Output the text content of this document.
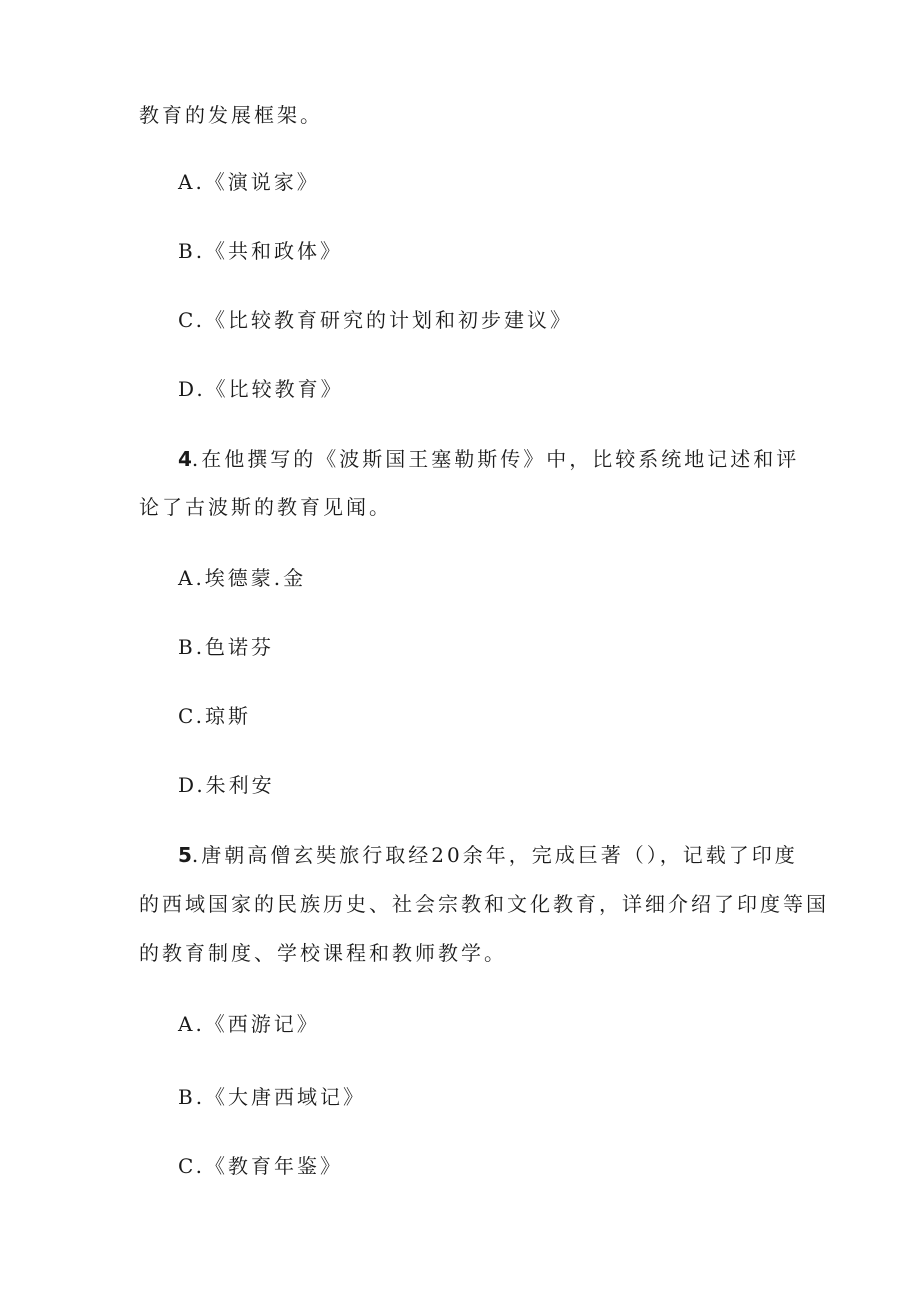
教育的发展框架。

A.《演说家》

B.《共和政体》

C.《比较教育研究的计划和初步建议》

D.《比较教育》

4.在他撰写的《波斯国王塞勒斯传》中，比较系统地记述和评

论了古波斯的教育见闻。

A.埃德蒙.金

B.色诺芬

C.琼斯

D.朱利安

5.唐朝高僧玄奘旅行取经20余年，完成巨著（），记载了印度

的西域国家的民族历史、社会宗教和文化教育，详细介绍了印度等国

的教育制度、学校课程和教师教学。

A.《西游记》

B.《大唐西域记》

C.《教育年鉴》
